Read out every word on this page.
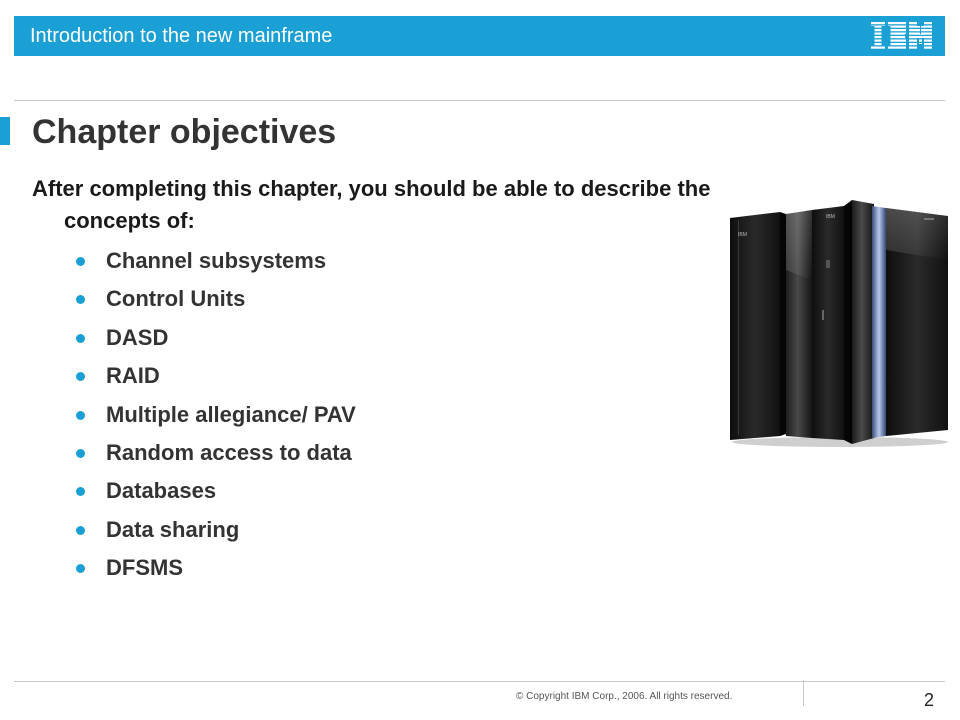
Introduction to the new mainframe
Chapter objectives
After completing this chapter, you should be able to describe the concepts of:
Channel subsystems
Control Units
DASD
RAID
Multiple allegiance/ PAV
Random access to data
Databases
Data sharing
DFSMS
IBM
IBM
© Copyright IBM Corp., 2006. All rights reserved.	2
